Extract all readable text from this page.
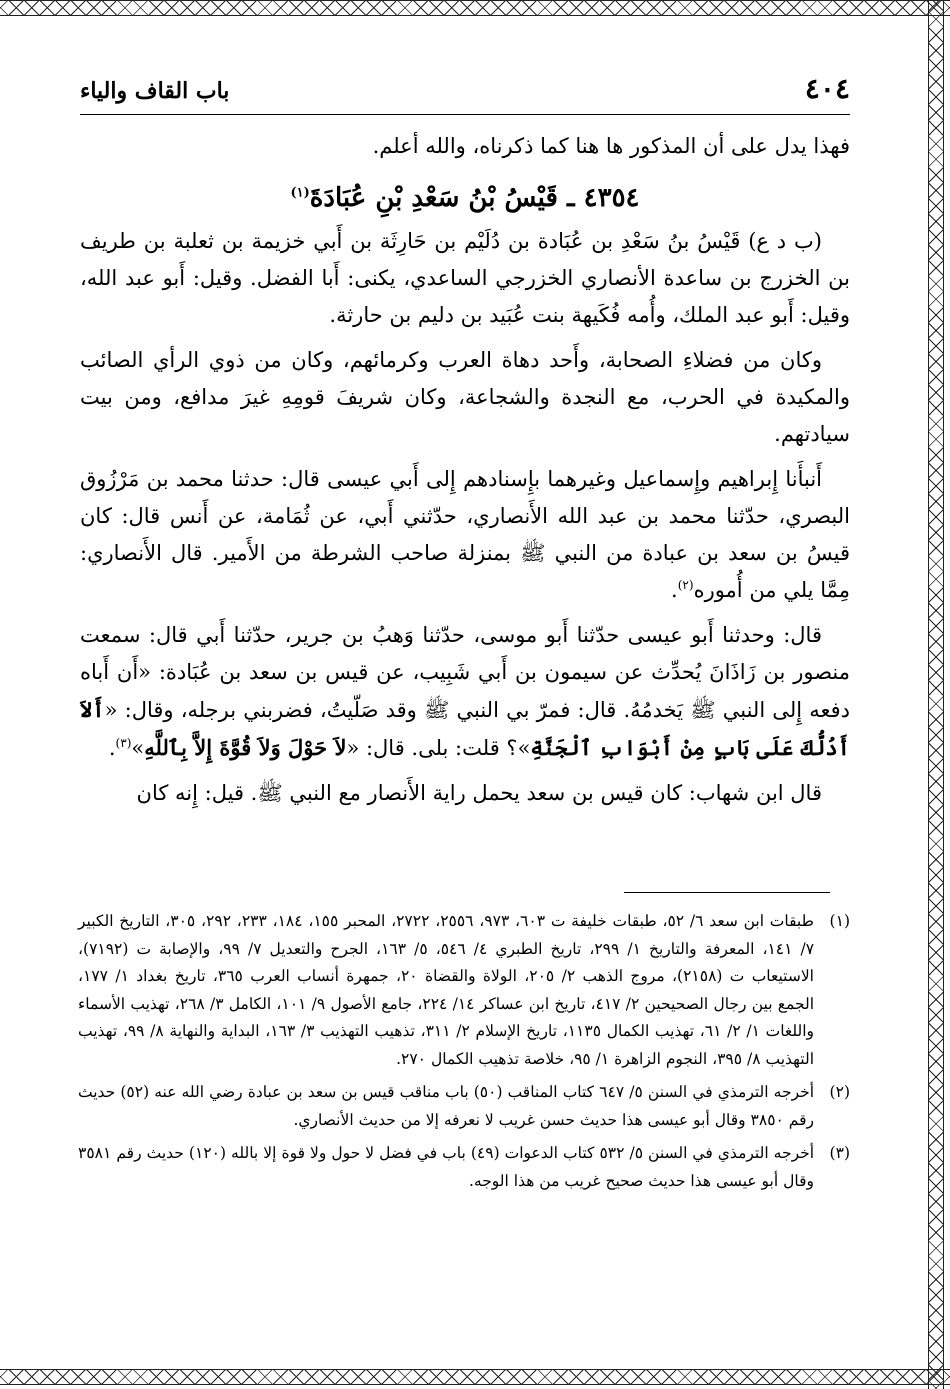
٤٠٤
باب القاف والياء

فهذا يدل على أن المذكور ها هنا كما ذكرناه، والله أعلم.

٤٣٥٤ ـ قَيْسُ بْنُ سَعْدِ بْنِ عُبَادَةَ$^{(١)}$

(ب د ع) قَيْسُ بنُ سَعْدِ بن عُبَادة بن دُلَيْم بن حَارِثَة بن أَبي خزيمة بن ثعلبة بن طريف بن الخزرج بن ساعدة الأنصاري الخزرجي الساعدي، يكنى: أَبا الفضل. وقيل: أَبو عبد الله، وقيل: أَبو عبد الملك، وأُمه فُكَيهة بنت عُبَيد بن دليم بن حارثة.

وكان من فضلاءِ الصحابة، وأَحد دهاة العرب وكرمائهم، وكان من ذوي الرأي الصائب والمكيدة في الحرب، مع النجدة والشجاعة، وكان شريفَ قومِهِ غيرَ مدافع، ومن بيت سيادتهم.

أَنبأَنا إِبراهيم وإِسماعيل وغيرهما بإِسنادهم إِلى أَبي عيسى قال: حدثنا محمد بن مَرْزُوق البصري، حدّثنا محمد بن عبد الله الأَنصاري، حدّثني أَبي، عن ثُمَامة، عن أَنس قال: كان قيسُ بن سعد بن عبادة من النبي ﷺ بمنزلة صاحب الشرطة من الأَمير. قال الأَنصاري: مِمَّا يلي من أُموره$^{(٢)}$.

قال: وحدثنا أَبو عيسى حدّثنا أَبو موسى، حدّثنا وَهبُ بن جرير، حدّثنا أَبي قال: سمعت منصور بن زَاذَانَ يُحدِّث عن سيمون بن أَبي شَبِيب، عن قيس بن سعد بن عُبَادة: «أَن أَباه دفعه إِلى النبي ﷺ يَخدمُهُ. قال: فمرّ بي النبي ﷺ وقد صَلّيتُ، فضربني برجله، وقال: «أَلاَ أَدُلُّكَ عَلَى بَابٍ مِنْ أَبْوَابِ ٱلْجَنَّةِ»؟ قلت: بلى. قال: «لاَ حَوْلَ وَلاَ قُوَّةَ إِلاَّ بِٱللَّهِ»$^{(٣)}$.

قال ابن شهاب: كان قيس بن سعد يحمل راية الأَنصار مع النبي ﷺ. قيل: إِنه كان

(١)
طبقات ابن سعد ٦/ ٥٢، طبقات خليفة ت ٦٠٣، ٩٧٣، ٢٥٥٦، ٢٧٢٢، المحبر ١٥٥، ١٨٤، ٢٣٣، ٢٩٢، ٣٠٥، التاريخ الكبير ٧/ ١٤١، المعرفة والتاريخ ١/ ٢٩٩، تاريخ الطبري ٤/ ٥٤٦، ٥/ ١٦٣، الجرح والتعديل ٧/ ٩٩، والإصابة ت (٧١٩٢)، الاستيعاب ت (٢١٥٨)، مروج الذهب ٢/ ٢٠٥، الولاة والقضاة ٢٠، جمهرة أنساب العرب ٣٦٥، تاريخ بغداد ١/ ١٧٧، الجمع بين رجال الصحيحين ٢/ ٤١٧، تاريخ ابن عساكر ١٤/ ٢٢٤، جامع الأصول ٩/ ١٠١، الكامل ٣/ ٢٦٨، تهذيب الأسماء واللغات ١/ ٢/ ٦١، تهذيب الكمال ١١٣٥، تاريخ الإسلام ٢/ ٣١١، تذهيب التهذيب ٣/ ١٦٣، البداية والنهاية ٨/ ٩٩، تهذيب التهذيب ٨/ ٣٩٥، النجوم الزاهرة ١/ ٩٥، خلاصة تذهيب الكمال ٢٧٠.
(٢)
أخرجه الترمذي في السنن ٥/ ٦٤٧ كتاب المناقب (٥٠) باب مناقب قيس بن سعد بن عبادة رضي الله عنه (٥٢) حديث رقم ٣٨٥٠ وقال أبو عيسى هذا حديث حسن غريب لا نعرفه إلا من حديث الأنصاري.
(٣)
أخرجه الترمذي في السنن ٥/ ٥٣٢ كتاب الدعوات (٤٩) باب في فضل لا حول ولا قوة إلا بالله (١٢٠) حديث رقم ٣٥٨١ وقال أبو عيسى هذا حديث صحيح غريب من هذا الوجه.
